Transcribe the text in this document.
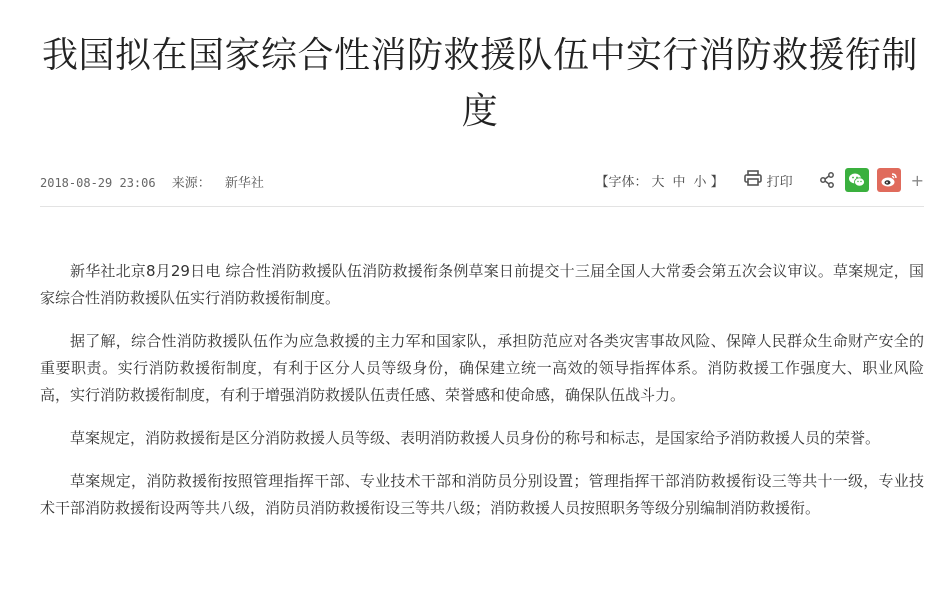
我国拟在国家综合性消防救援队伍中实行消防救援衔制度
2018-08-29 23:06 来源： 新华社	【字体： 大 中 小 】	打印	+

新华社北京8月29日电 综合性消防救援队伍消防救援衔条例草案日前提交十三届全国人大常委会第五次会议审议。草案规定，国家综合性消防救援队伍实行消防救援衔制度。

据了解，综合性消防救援队伍作为应急救援的主力军和国家队，承担防范应对各类灾害事故风险、保障人民群众生命财产安全的重要职责。实行消防救援衔制度，有利于区分人员等级身份，确保建立统一高效的领导指挥体系。消防救援工作强度大、职业风险高，实行消防救援衔制度，有利于增强消防救援队伍责任感、荣誉感和使命感，确保队伍战斗力。

草案规定，消防救援衔是区分消防救援人员等级、表明消防救援人员身份的称号和标志，是国家给予消防救援人员的荣誉。

草案规定，消防救援衔按照管理指挥干部、专业技术干部和消防员分别设置；管理指挥干部消防救援衔设三等共十一级，专业技术干部消防救援衔设两等共八级，消防员消防救援衔设三等共八级；消防救援人员按照职务等级分别编制消防救援衔。
